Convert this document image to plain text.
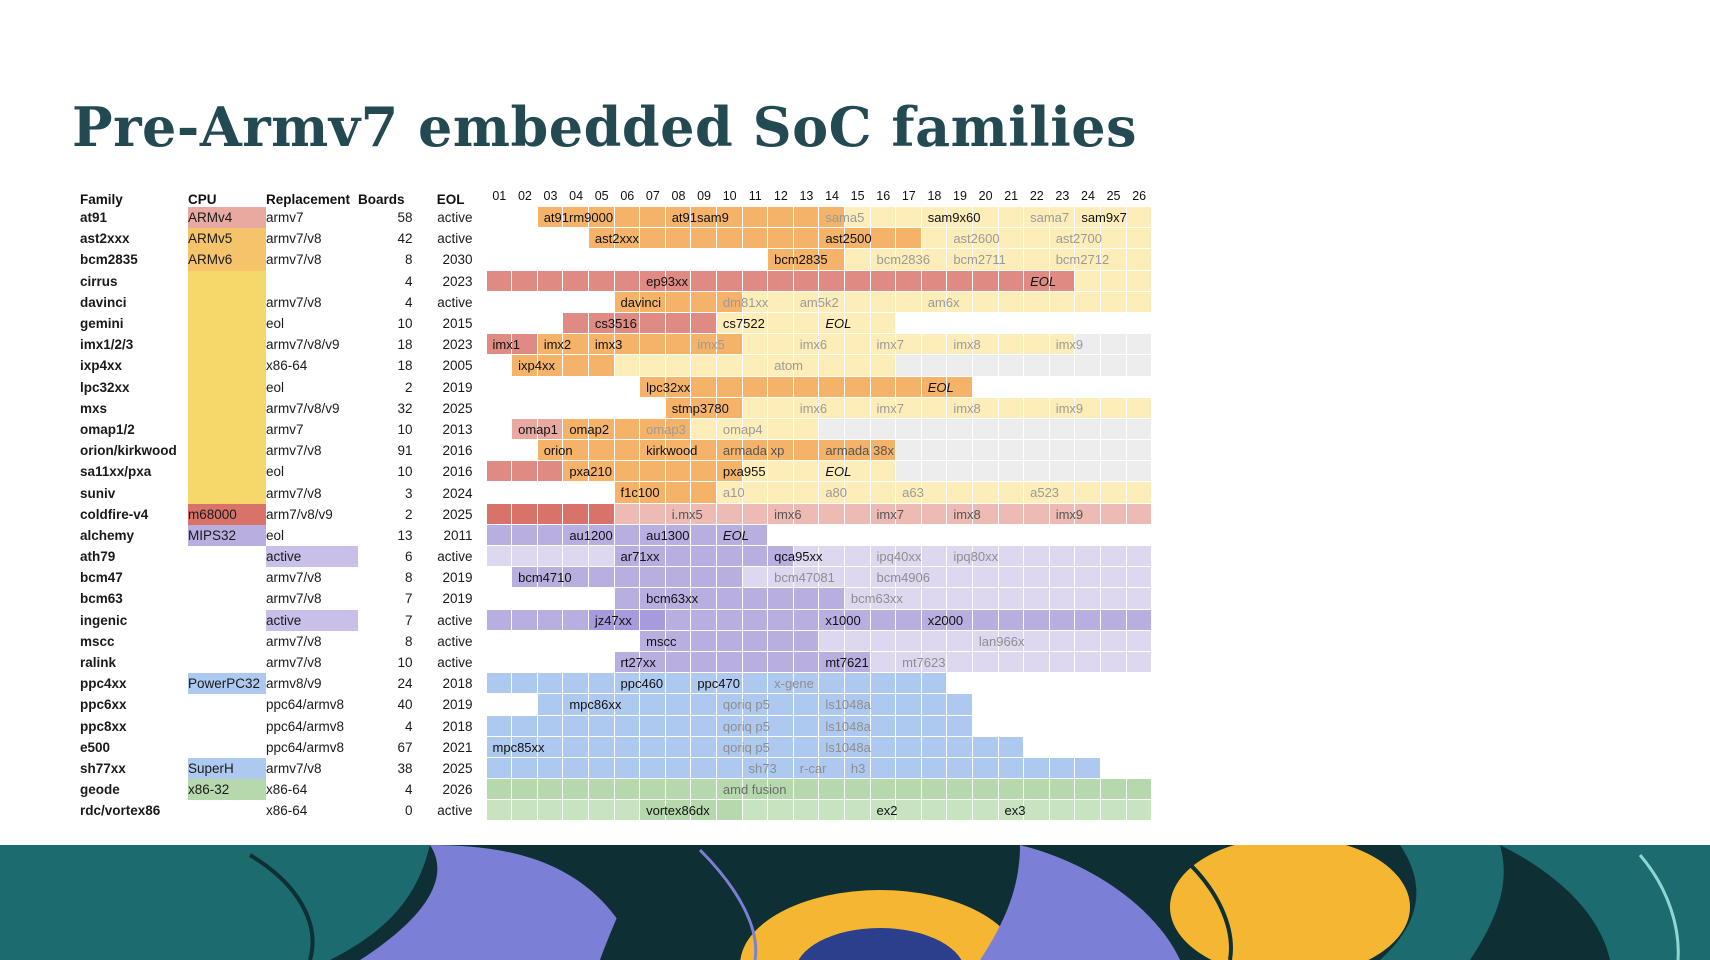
Pre-Armv7 embedded SoC families
Family	CPU	Replacement	Boards	EOL		01 02 03 04 05 06 07 08 09 10 11 12 13 14 15 16 17 18 19 20 21 22 23 24 25 26

at91	ARMv4	armv7	58	active		at91rm9000	at91sam9	sama5	sam9x60	sama7 sam9x7

ast2xxx	ARMv5	armv7/v8	42	active		ast2xxx ast2500 ast2600 ast2700

bcm2835	ARMv6	armv7/v8	8	2030		bcm2835 bcm2836 bcm2711 bcm2712

cirrus			4	2023		ep93xx EOL

davinci		armv7/v8	4	active		davinci dm81xx am5k2 am6x

gemini		eol	10	2015		cs3516 cs7522 EOL

imx1/2/3		armv7/v8/v9	18	2023		imx1	imx2	imx3	imx5	imx6	imx7	imx8	imx9

ixp4xx		x86-64	18	2005		ixp4xx atom

lpc32xx		eol	2	2019		lpc32xx EOL

mxs		armv7/v8/v9	32	2025		stmp3780 imx6 imx7 imx8 imx9

omap1/2		armv7	10	2013		omap1 omap2 omap3 omap4

orion/kirkwood		armv7/v8	91	2016		orion kirkwood armada xp armada 38x

sa11xx/pxa		eol	10	2016		pxa210 pxa955 EOL

suniv		armv7/v8	3	2024		f1c100 a10 a80 a63 a523

coldfire-v4	m68000	arm7/v8/v9	2	2025		i.mx5 imx6 imx7 imx8 imx9

alchemy	MIPS32	eol	13	2011		au1200 au1300 EOL

ath79		active	6	active		ar71xx qca95xx ipq40xx ipq80xx

bcm47		armv7/v8	8	2019		bcm4710 bcm47081 bcm4906

bcm63		armv7/v8	7	2019		bcm63xx bcm63xx

ingenic		active	7	active		jz47xx x1000 x2000

mscc		armv7/v8	8	active		mscc lan966x

ralink		armv7/v8	10	active		rt27xx mt7621 mt7623

ppc4xx	PowerPC32	armv8/v9	24	2018		ppc460 ppc470 x-gene

ppc6xx		ppc64/armv8	40	2019		mpc86xx qoriq p5 ls1048a

ppc8xx		ppc64/armv8	4	2018		qoriq p5 ls1048a

e500		ppc64/armv8	67	2021		mpc85xx qoriq p5 ls1048a

sh77xx	SuperH	armv7/v8	38	2025		sh73 r-car h3

geode	x86-32	x86-64	4	2026		amd fusion

rdc/vortex86		x86-64	0	active		vortex86dx ex2 ex3
